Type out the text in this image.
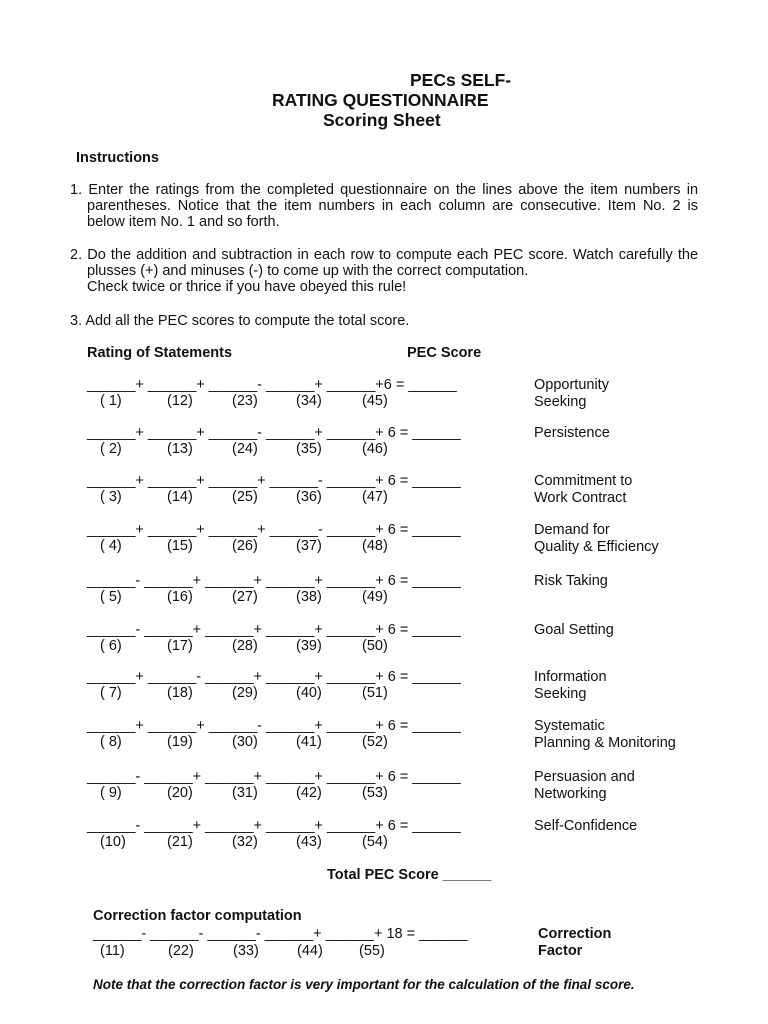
PECs SELF-
RATING QUESTIONNAIRE
Scoring Sheet
Instructions
1. Enter the ratings from the completed questionnaire on the lines above the item numbers in
parentheses. Notice that the item numbers in each column are consecutive. Item No. 2 is below item No. 1 and so forth.
2. Do the addition and subtraction in each row to compute each PEC score. Watch carefully the
plusses (+) and minuses (-) to come up with the correct computation.
Check twice or thrice if you have obeyed this rule!
3. Add all the PEC scores to compute the total score.
Rating of Statements	PEC Score
______+ ______+ ______- ______+ ______+6 = ______
( 1)	(12)	(23)	(34)	(45)
Opportunity
Seeking
______+ ______+ ______- ______+ ______+ 6 = ______
( 2)	(13)	(24)	(35)	(46)
Persistence
______+ ______+ ______+ ______- ______+ 6 = ______
( 3)	(14)	(25)	(36)	(47)
Commitment to
Work Contract
______+ ______+ ______+ ______- ______+ 6 = ______
( 4)	(15)	(26)	(37)	(48)
Demand for
Quality & Efficiency
______- ______+ ______+ ______+ ______+ 6 = ______
( 5)	(16)	(27)	(38)	(49)
Risk Taking
______- ______+ ______+ ______+ ______+ 6 = ______
( 6)	(17)	(28)	(39)	(50)
Goal Setting
______+ ______- ______+ ______+ ______+ 6 = ______
( 7)	(18)	(29)	(40)	(51)
Information
Seeking
______+ ______+ ______- ______+ ______+ 6 = ______
( 8)	(19)	(30)	(41)	(52)
Systematic
Planning & Monitoring
______- ______+ ______+ ______+ ______+ 6 = ______
( 9)	(20)	(31)	(42)	(53)
Persuasion and
Networking
______- ______+ ______+ ______+ ______+ 6 = ______
(10)	(21)	(32)	(43)	(54)
Self-Confidence
Total PEC Score ______
Correction factor computation
______- ______- ______- ______+ ______+ 18 = ______
(11)	(22)	(33)	(44) (55)
Correction
Factor
Note that the correction factor is very important for the calculation of the final score.
